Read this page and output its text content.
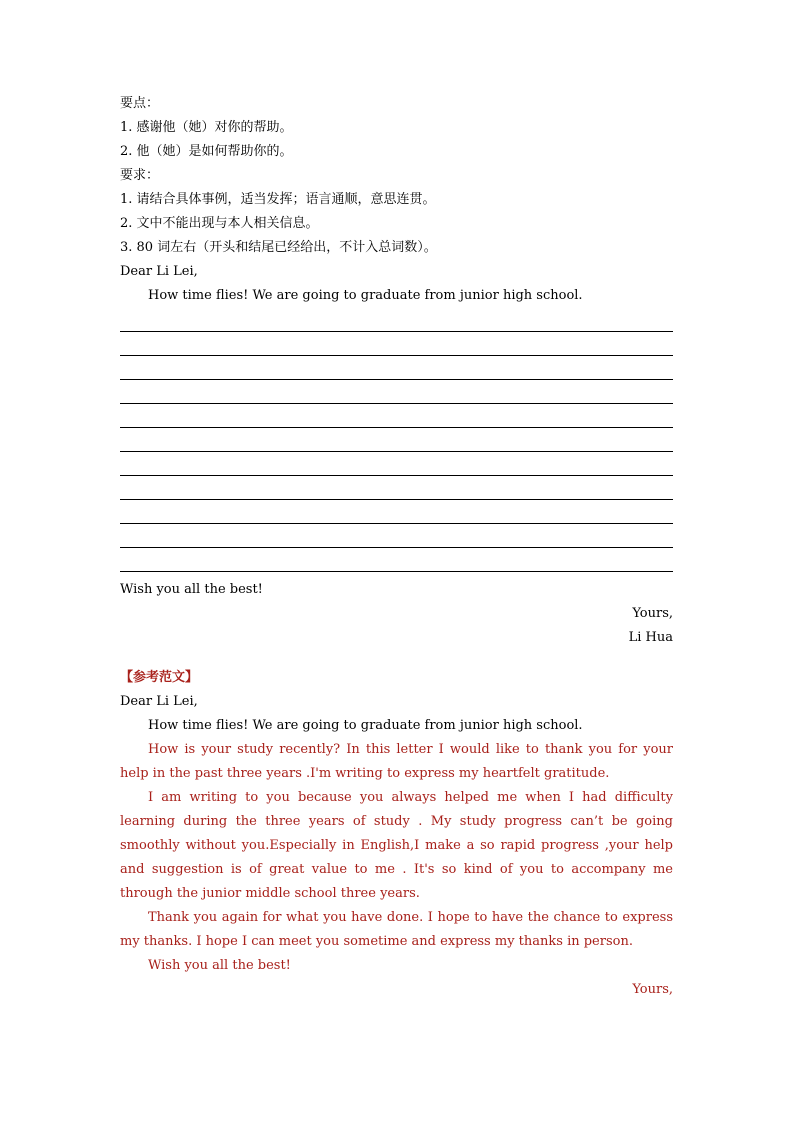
要点：
1. 感谢他（她）对你的帮助。
2. 他（她）是如何帮助你的。
要求：
1. 请结合具体事例，适当发挥；语言通顺，意思连贯。
2. 文中不能出现与本人相关信息。
3. 80 词左右（开头和结尾已经给出，不计入总词数）。
Dear Li Lei,
How time flies! We are going to graduate from junior high school.
Wish you all the best!
Yours,
Li Hua
【参考范文】
Dear Li Lei,
How time flies! We are going to graduate from junior high school.

How is your study recently? In this letter I would like to thank you for your help in the past three years .I'm writing to express my heartfelt gratitude.

I am writing to you because you always helped me when I had difficulty learning during the three years of study . My study progress can’t be going smoothly without you.Especially in English,I make a so rapid progress ,your help and suggestion is of great value to me . It's so kind of you to accompany me through the junior middle school three years.

Thank you again for what you have done. I hope to have the chance to express my thanks. I hope I can meet you sometime and express my thanks in person.

Wish you all the best!
Yours,
